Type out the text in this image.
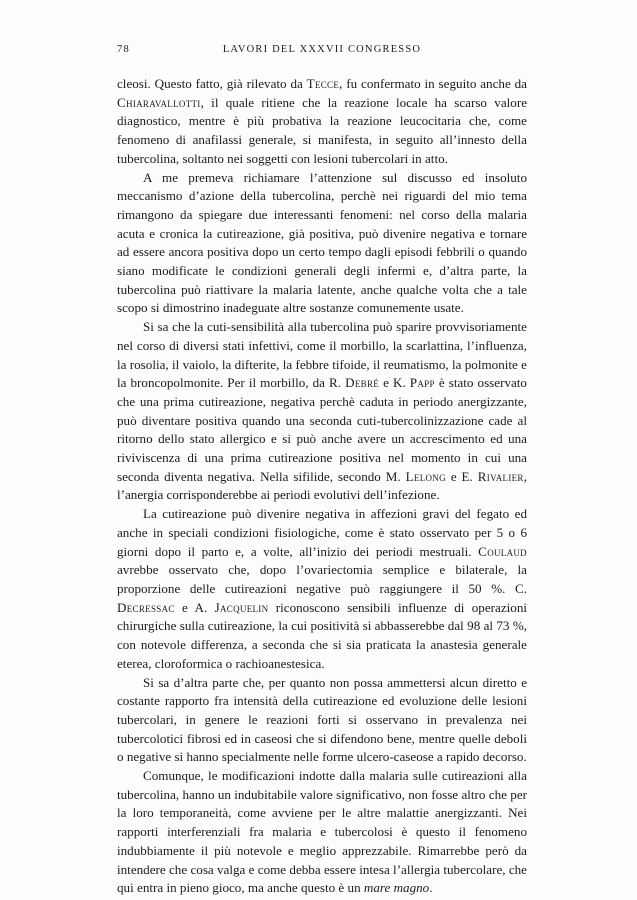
78	LAVORI DEL XXXVII CONGRESSO

cleosi. Questo fatto, già rilevato da Tecce, fu confermato in seguito anche da Chiaravallotti, il quale ritiene che la reazione locale ha scarso valore diagnostico, mentre è più probativa la reazione leucocitaria che, come fenomeno di anafilassi generale, si manifesta, in seguito all’innesto della tubercolina, soltanto nei soggetti con lesioni tubercolari in atto.

A me premeva richiamare l’attenzione sul discusso ed insoluto meccanismo d’azione della tubercolina, perchè nei riguardi del mio tema rimangono da spiegare due interessanti fenomeni: nel corso della malaria acuta e cronica la cutireazione, già positiva, può divenire negativa e tornare ad essere ancora positiva dopo un certo tempo dagli episodi febbrili o quando siano modificate le condizioni generali degli infermi e, d’altra parte, la tubercolina può riattivare la malaria latente, anche qualche volta che a tale scopo si dimostrino inadeguate altre sostanze comunemente usate.

Si sa che la cuti-sensibilità alla tubercolina può sparire provvisoriamente nel corso di diversi stati infettivi, come il morbillo, la scarlattina, l’influenza, la rosolia, il vaiolo, la difterite, la febbre tifoide, il reumatismo, la polmonite e la broncopolmonite. Per il morbillo, da R. Debré e K. Papp è stato osservato che una prima cutireazione, negativa perchè caduta in periodo anergizzante, può diventare positiva quando una seconda cuti-tubercolinizzazione cade al ritorno dello stato allergico e si può anche avere un accrescimento ed una riviviscenza di una prima cutireazione positiva nel momento in cui una seconda diventa negativa. Nella sifilide, secondo M. Lelong e E. Rivalier, l’anergia corrisponderebbe ai periodi evolutivi dell’infezione.

La cutireazione può divenire negativa in affezioni gravi del fegato ed anche in speciali condizioni fisiologiche, come è stato osservato per 5 o 6 giorni dopo il parto e, a volte, all’inizio dei periodi mestruali. Coulaud avrebbe osservato che, dopo l’ovariectomia semplice e bilaterale, la proporzione delle cutireazioni negative può raggiungere il 50 %. C. Decressac e A. Jacquelin riconoscono sensibili influenze di operazioni chirurgiche sulla cutireazione, la cui positività si abbasserebbe dal 98 al 73 %, con notevole differenza, a seconda che si sia praticata la anastesia generale eterea, cloroformica o rachioanestesica.

Si sa d’altra parte che, per quanto non possa ammettersi alcun diretto e costante rapporto fra intensità della cutireazione ed evoluzione delle lesioni tubercolari, in genere le reazioni forti si osservano in prevalenza nei tubercolotici fibrosi ed in caseosi che si difendono bene, mentre quelle deboli o negative si hanno specialmente nelle forme ulcero-caseose a rapido decorso.

Comunque, le modificazioni indotte dalla malaria sulle cutireazioni alla tubercolina, hanno un indubitabile valore significativo, non fosse altro che per la loro temporaneità, come avviene per le altre malattie anergizzanti. Nei rapporti interferenziali fra malaria e tubercolosi è questo il fenomeno indubbiamente il più notevole e meglio apprezzabile. Rimarrebbe però da intendere che cosa valga e come debba essere intesa l’allergia tubercolare, che qui entra in pieno gioco, ma anche questo è un mare magno.
